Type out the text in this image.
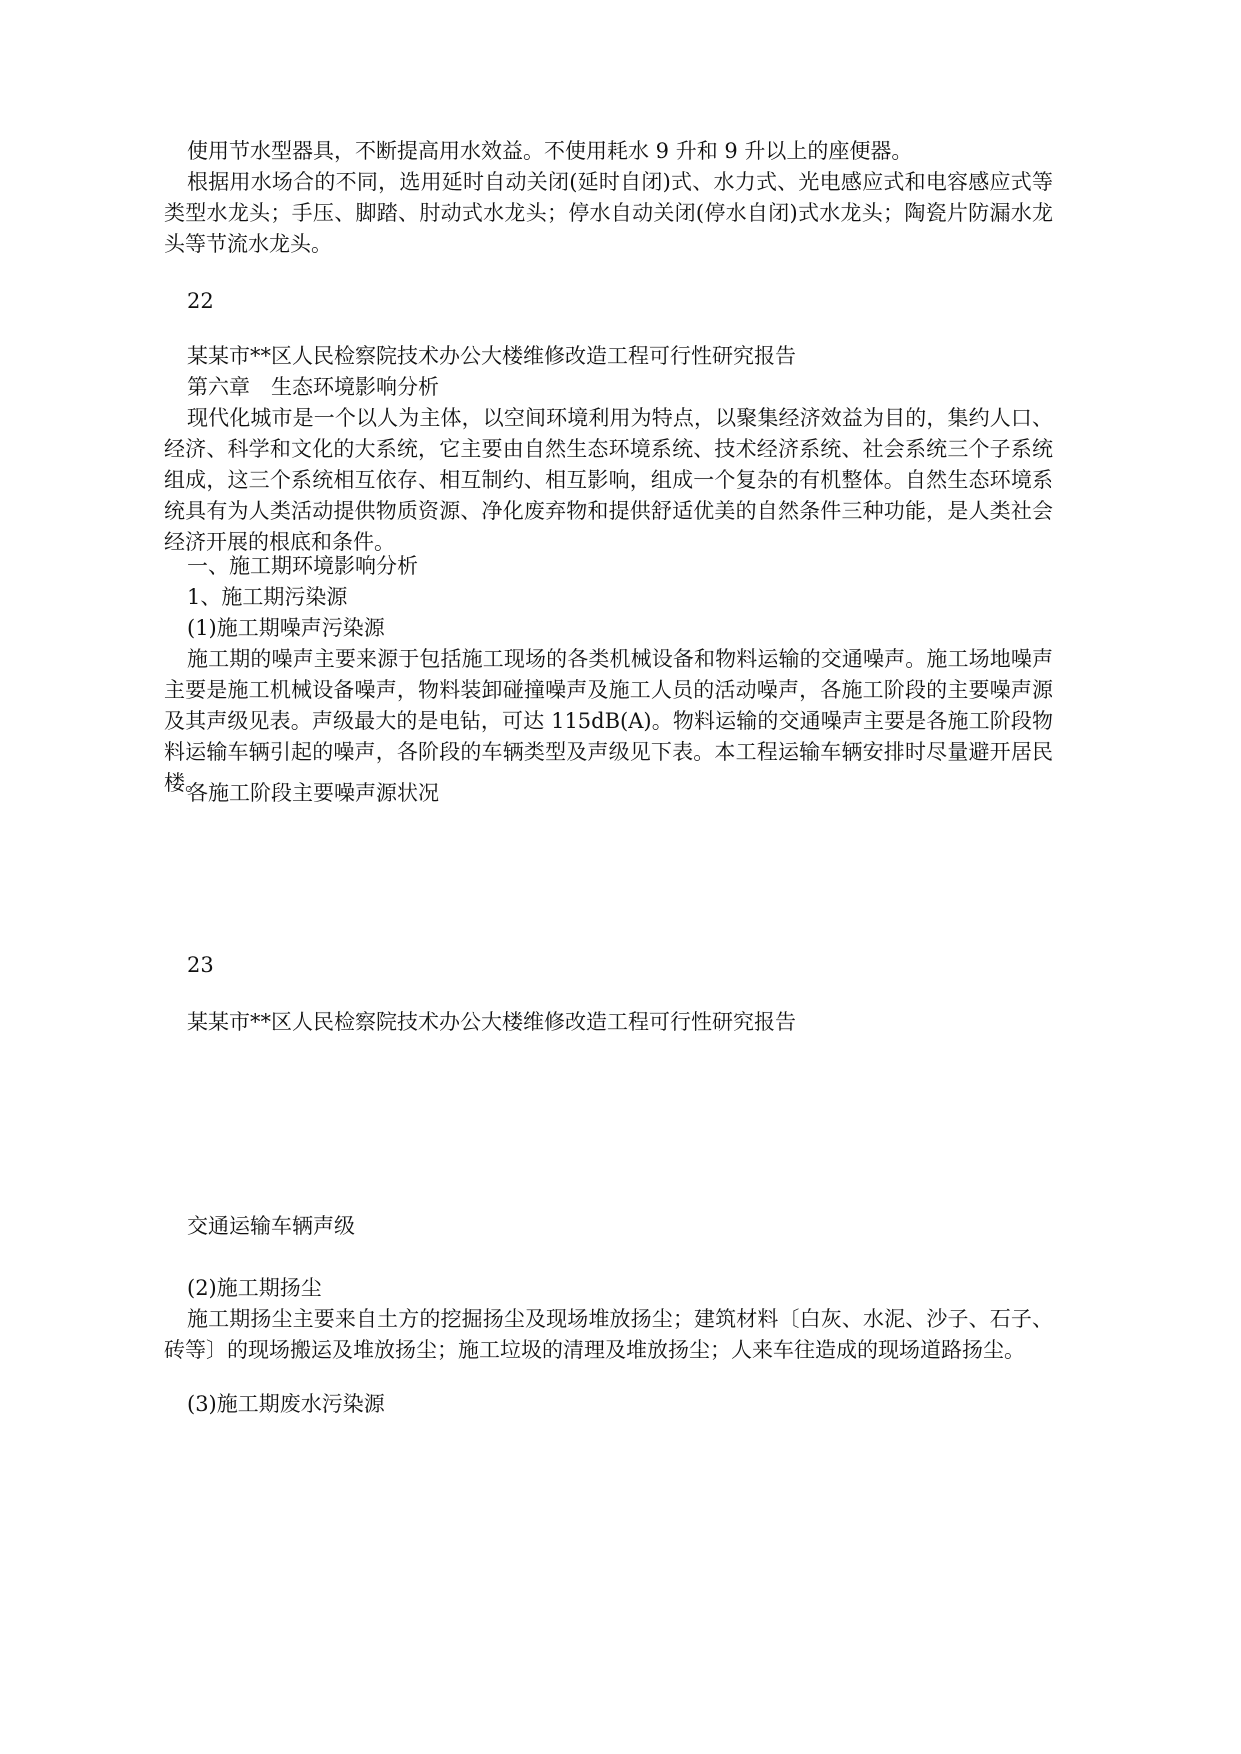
使用节水型器具，不断提高用水效益。不使用耗水 9 升和 9 升以上的座便器。

根据用水场合的不同，选用延时自动关闭(延时自闭)式、水力式、光电感应式和电容感应式等类型水龙头；手压、脚踏、肘动式水龙头；停水自动关闭(停水自闭)式水龙头；陶瓷片防漏水龙头等节流水龙头。

22
某某市**区人民检察院技术办公大楼维修改造工程可行性研究报告
第六章　生态环境影响分析

现代化城市是一个以人为主体，以空间环境利用为特点，以聚集经济效益为目的，集约人口、经济、科学和文化的大系统，它主要由自然生态环境系统、技术经济系统、社会系统三个子系统组成，这三个系统相互依存、相互制约、相互影响，组成一个复杂的有机整体。自然生态环境系统具有为人类活动提供物质资源、净化废弃物和提供舒适优美的自然条件三种功能，是人类社会经济开展的根底和条件。

一、施工期环境影响分析
1、施工期污染源
(1)施工期噪声污染源

施工期的噪声主要来源于包括施工现场的各类机械设备和物料运输的交通噪声。施工场地噪声主要是施工机械设备噪声，物料装卸碰撞噪声及施工人员的活动噪声，各施工阶段的主要噪声源及其声级见表。声级最大的是电钻，可达 115dB(A)。物料运输的交通噪声主要是各施工阶段物料运输车辆引起的噪声，各阶段的车辆类型及声级见下表。本工程运输车辆安排时尽量避开居民楼。

各施工阶段主要噪声源状况
23
某某市**区人民检察院技术办公大楼维修改造工程可行性研究报告
交通运输车辆声级
(2)施工期扬尘

施工期扬尘主要来自土方的挖掘扬尘及现场堆放扬尘；建筑材料〔白灰、水泥、沙子、石子、砖等〕的现场搬运及堆放扬尘；施工垃圾的清理及堆放扬尘；人来车往造成的现场道路扬尘。

(3)施工期废水污染源
